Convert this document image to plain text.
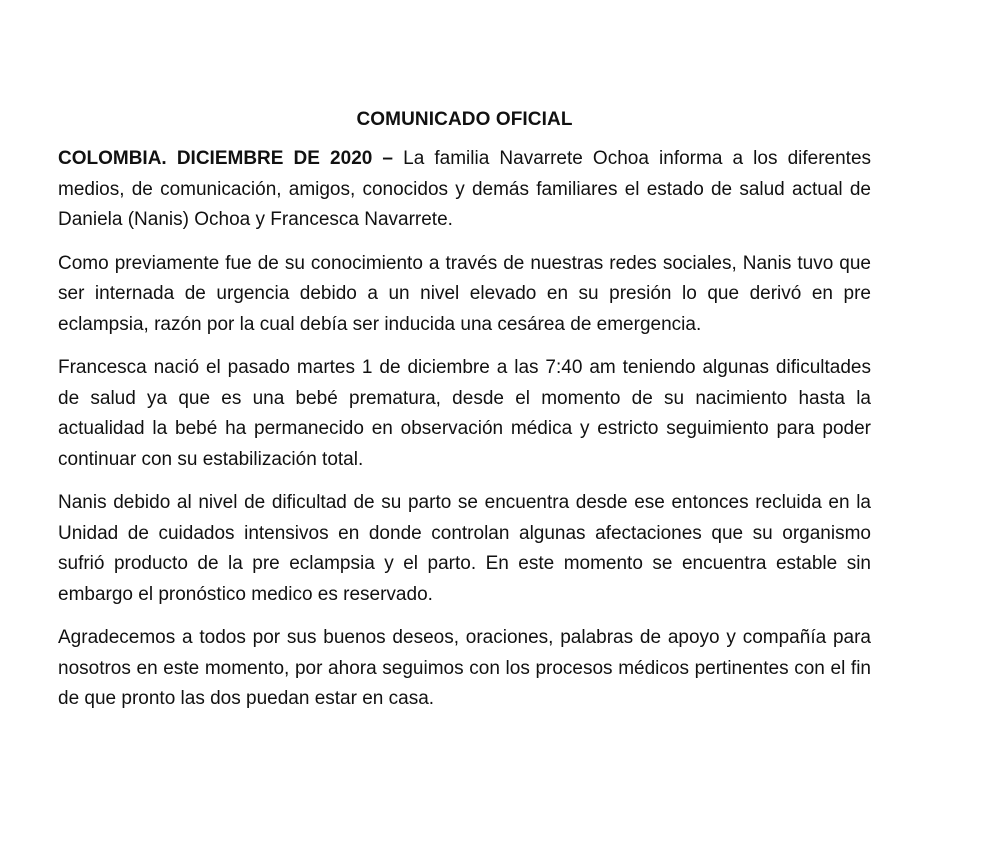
COMUNICADO OFICIAL

COLOMBIA. DICIEMBRE DE 2020 – La familia Navarrete Ochoa informa a los diferentes medios, de comunicación, amigos, conocidos y demás familiares el estado de salud actual de Daniela (Nanis) Ochoa y Francesca Navarrete.

Como previamente fue de su conocimiento a través de nuestras redes sociales, Nanis tuvo que ser internada de urgencia debido a un nivel elevado en su presión lo que derivó en pre eclampsia, razón por la cual debía ser inducida una cesárea de emergencia.

Francesca nació el pasado martes 1 de diciembre a las 7:40 am teniendo algunas dificultades de salud ya que es una bebé prematura, desde el momento de su nacimiento hasta la actualidad la bebé ha permanecido en observación médica y estricto seguimiento para poder continuar con su estabilización total.

Nanis debido al nivel de dificultad de su parto se encuentra desde ese entonces recluida en la Unidad de cuidados intensivos en donde controlan algunas afectaciones que su organismo sufrió producto de la pre eclampsia y el parto. En este momento se encuentra estable sin embargo el pronóstico medico es reservado.

Agradecemos a todos por sus buenos deseos, oraciones, palabras de apoyo y compañía para nosotros en este momento, por ahora seguimos con los procesos médicos pertinentes con el fin de que pronto las dos puedan estar en casa.
